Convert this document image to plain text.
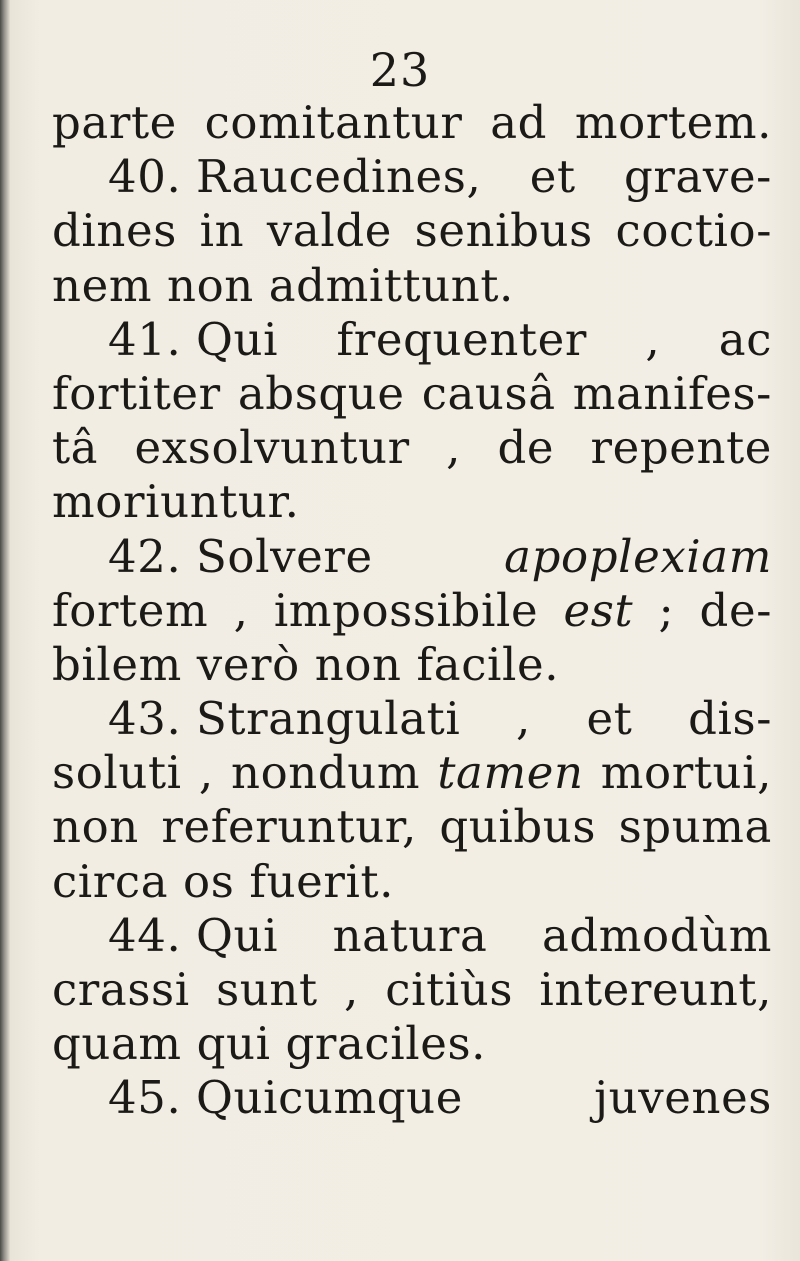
23
parte comitantur ad mortem.
40. Raucedines, et grave-
dines in valde senibus coctio-
nem non admittunt.
41. Qui frequenter , ac
fortiter absque causâ manifes-
tâ exsolvuntur , de repente
moriuntur.
42. Solvere apoplexiam
fortem , impossibile est ; de-
bilem verò non facile.
43. Strangulati , et dis-
soluti , nondum tamen mortui,
non referuntur, quibus spuma
circa os fuerit.
44. Qui natura admodùm
crassi sunt , citiùs intereunt,
quam qui graciles.
45. Quicumque juvenes
